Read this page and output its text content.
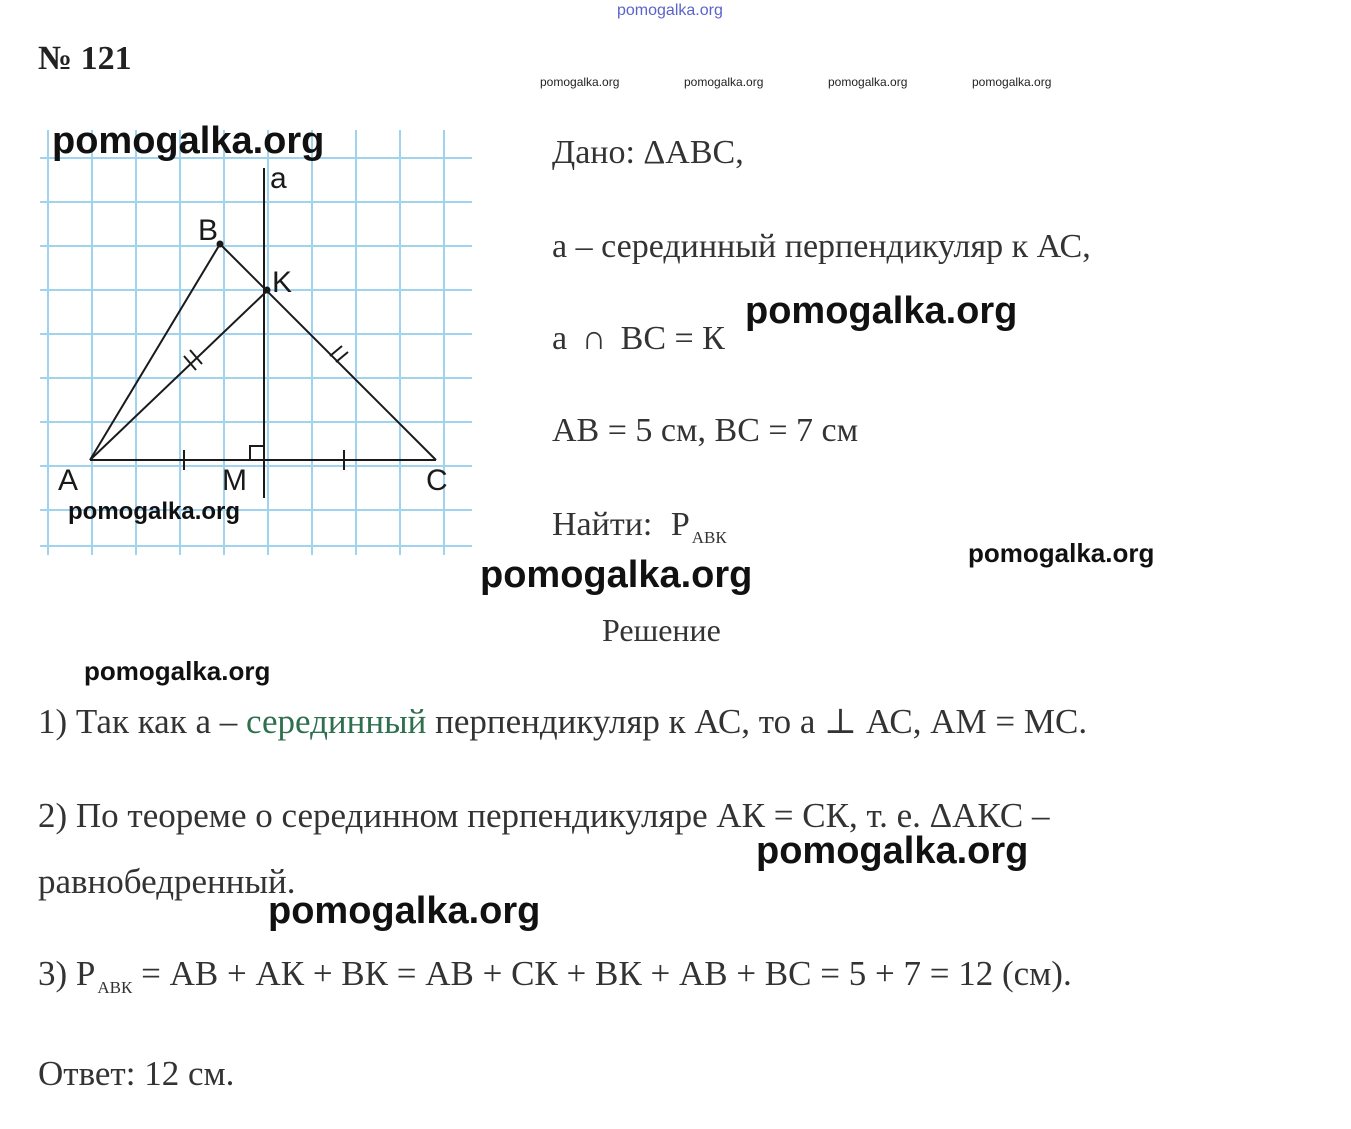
pomogalka.org
№ 121
pomogalka.org	pomogalka.org	pomogalka.org	pomogalka.org
a
B
K
A	M	C
pomogalka.org
pomogalka.org
Дано: ΔАВС,
а – серединный перпендикуляр к АС,
а ∩ ВС = К
pomogalka.org
АВ = 5 см, ВС = 7 см
Найти: Р $_{АВК}$
pomogalka.org
pomogalka.org
Решение
pomogalka.org
1) Так как а – серединный перпендикуляр к АС, то а ⊥ АС, АМ = МС.
2) По теореме о серединном перпендикуляре АК = СК, т. е. ΔАКС –
pomogalka.org
равнобедренный.
pomogalka.org
3) Р $_{АВК}$ = АВ + АК + ВК = АВ + СК + ВК + АВ + ВС = 5 + 7 = 12 (см).
Ответ: 12 см.
